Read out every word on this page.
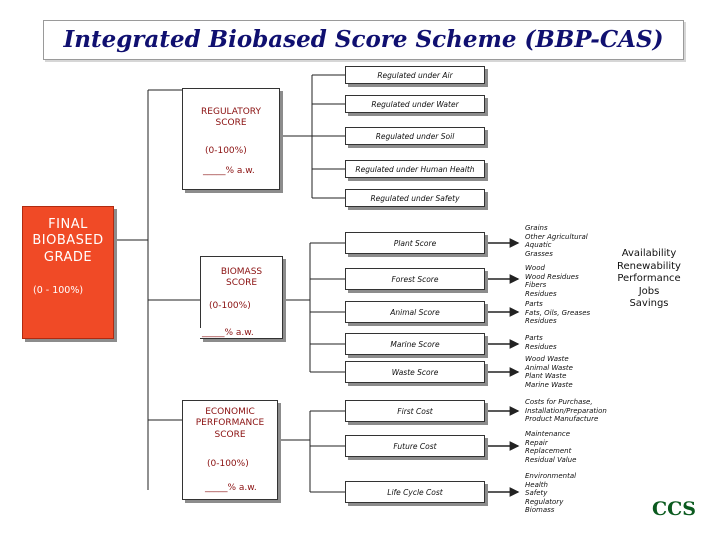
Integrated Biobased Score Scheme (BBP-CAS)
FINAL
BIOBASED
GRADE
(0 - 100%)
REGULATORY
SCORE
(0-100%)
_____% a.w.
Regulated under Air
Regulated under Water
Regulated under Soil
Regulated under Human Health
Regulated under Safety
BIOMASS
SCORE
(0-100%)
_____% a.w.
Plant Score
Forest Score
Animal Score
Marine Score
Waste Score
ECONOMIC
PERFORMANCE
SCORE
(0-100%)
_____% a.w.
First Cost
Future Cost
Life Cycle Cost
Grains
Other Agricultural
Aquatic
Grasses
Wood
Wood Residues
Fibers
Residues
Parts
Fats, Oils, Greases
Residues
Parts
Residues
Wood Waste
Animal Waste
Plant Waste
Marine Waste
Costs for Purchase,
Installation/Preparation
Product Manufacture
Maintenance
Repair
Replacement
Residual Value
Environmental
Health
Safety
Regulatory
Biomass
Availability
Renewability
Performance
Jobs
Savings
CCS
